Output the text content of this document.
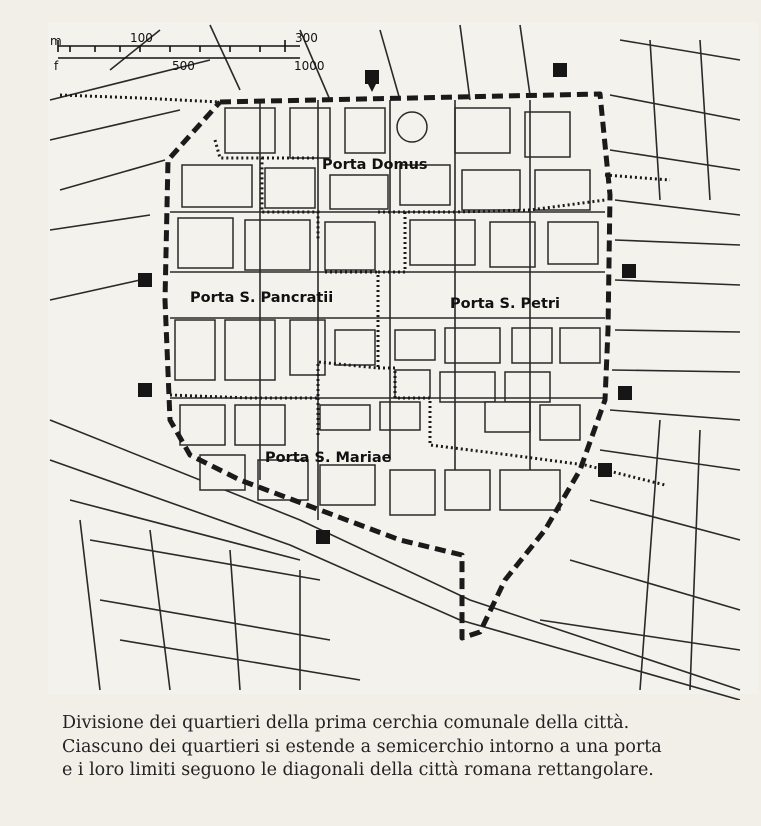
m
f
100	300
500	1000
Porta Domus
Porta S. Pancratii	Porta S. Petri
Porta S. Mariae

Divisione dei quartieri della prima cerchia comunale della città.
Ciascuno dei quartieri si estende a semicerchio intorno a una porta
e i loro limiti seguono le diagonali della città romana rettangolare.
